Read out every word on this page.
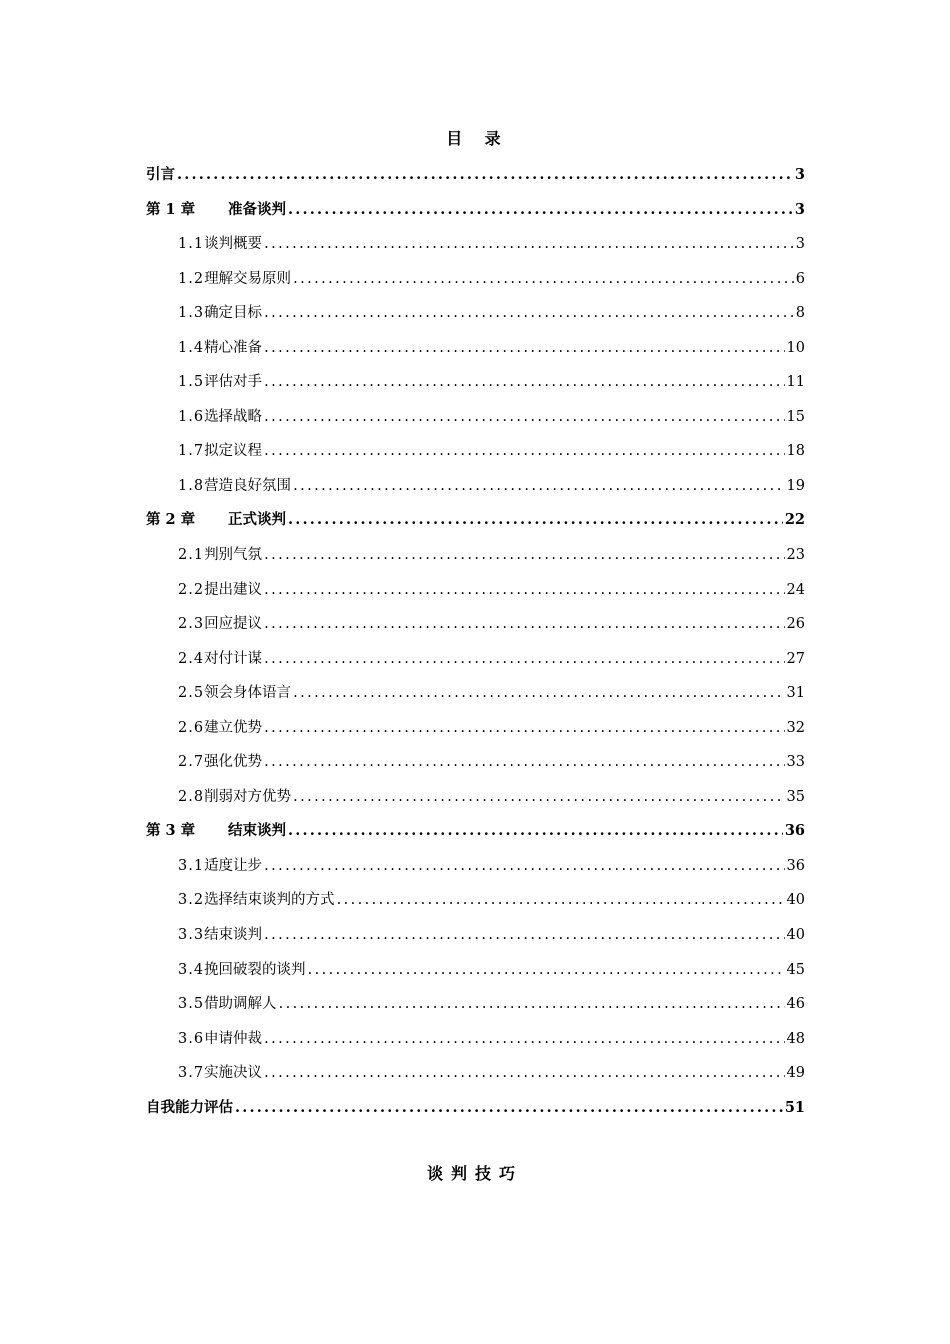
目　录
引言 .....	3
第 1 章	准备谈判 .....	3
1.1 谈判概要 .....	3
1.2 理解交易原则 .....	6
1.3 确定目标 .....	8
1.4 精心准备 .....	10
1.5 评估对手 .....	11
1.6 选择战略 .....	15
1.7 拟定议程 .....	18
1.8 营造良好氛围 .....	19
第 2 章	正式谈判 .....	22
2.1 判别气氛 .....	23
2.2 提出建议 .....	24
2.3 回应提议 .....	26
2.4 对付计谋 .....	27
2.5 领会身体语言 .....	31
2.6 建立优势 .....	32
2.7 强化优势 .....	33
2.8 削弱对方优势 .....	35
第 3 章	结束谈判 .....	36
3.1 适度让步 .....	36
3.2 选择结束谈判的方式 .....	40
3.3 结束谈判 .....	40
3.4 挽回破裂的谈判 .....	45
3.5 借助调解人 .....	46
3.6 申请仲裁 .....	48
3.7 实施决议 .....	49
自我能力评估 .....	51
谈判技巧
